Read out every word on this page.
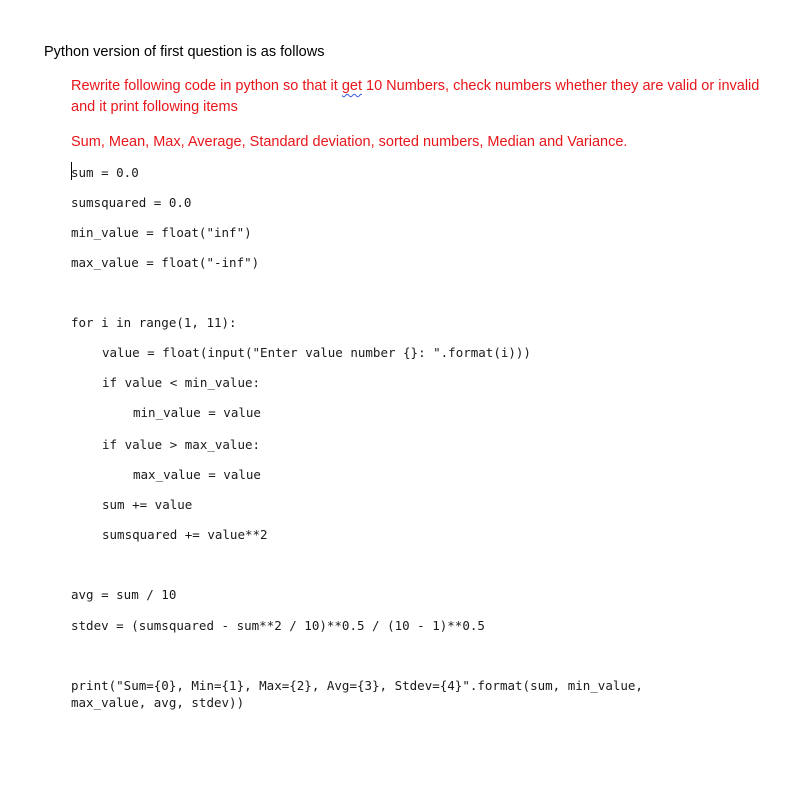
Python version of first question is as follows
Rewrite following code in python so that it get 10 Numbers, check numbers whether they are valid or invalid and it print following items
Sum, Mean, Max, Average, Standard deviation, sorted numbers, Median and Variance.
sum = 0.0
sumsquared = 0.0
min_value = float("inf")
max_value = float("-inf")
for i in range(1, 11):
value = float(input("Enter value number {}: ".format(i)))
if value < min_value:
min_value = value
if value > max_value:
max_value = value
sum += value
sumsquared += value**2
avg = sum / 10
stdev = (sumsquared - sum**2 / 10)**0.5 / (10 - 1)**0.5
print("Sum={0}, Min={1}, Max={2}, Avg={3}, Stdev={4}".format(sum, min_value,
max_value, avg, stdev))
